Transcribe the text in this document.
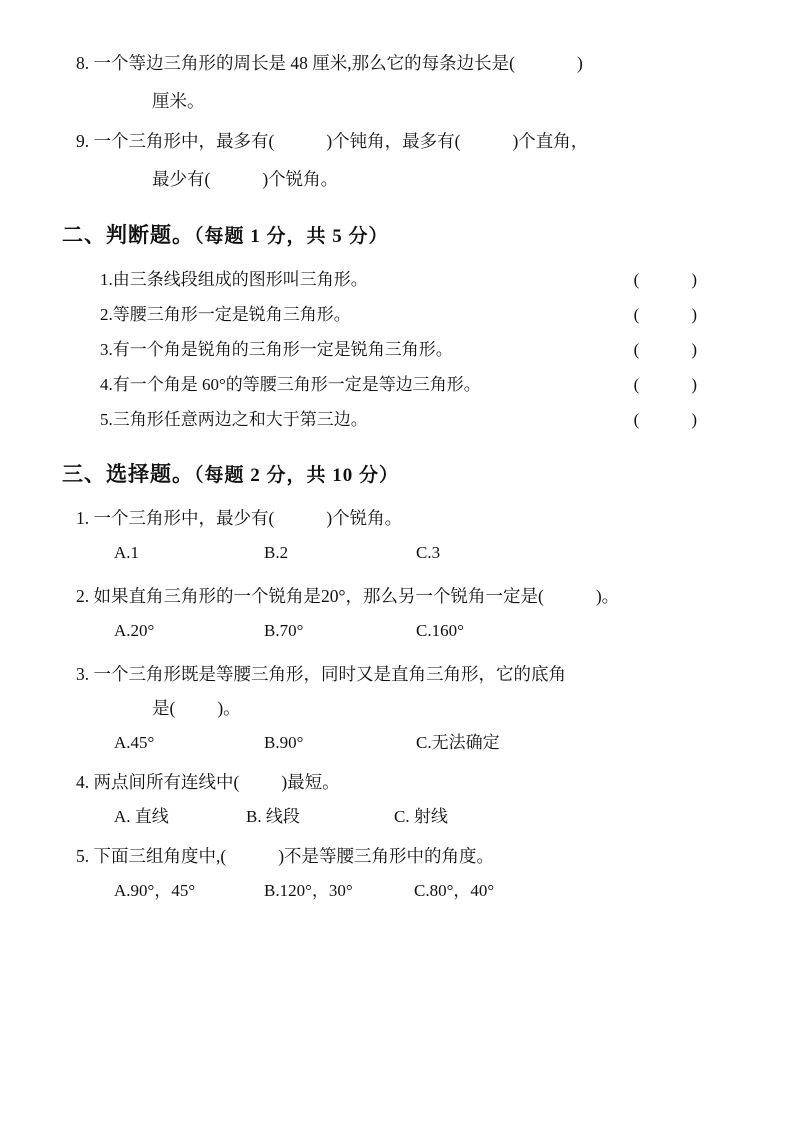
8. 一个等边三角形的周长是 48 厘米,那么它的每条边长是(	)
厘米。
9. 一个三角形中，最多有(	)个钝角，最多有(	)个直角，
最少有(	)个锐角。
二、判断题。（每题 1 分，共 5 分）
1. 由三条线段组成的图形叫三角形。	(	)
2. 等腰三角形一定是锐角三角形。	(	)
3. 有一个角是锐角的三角形一定是锐角三角形。	(	)
4. 有一个角是 60°的等腰三角形一定是等边三角形。	(	)
5. 三角形任意两边之和大于第三边。	(	)
三、选择题。（每题 2 分，共 10 分）
1. 一个三角形中，最少有(	)个锐角。
A.1	B.2	C.3
2. 如果直角三角形的一个锐角是20°，那么另一个锐角一定是(	)。
A.20°	B.70°	C.160°
3. 一个三角形既是等腰三角形，同时又是直角三角形，它的底角
是( )。
A.45°	B.90°	C.无法确定
4. 两点间所有连线中( )最短。
A. 直线	B. 线段	C. 射线
5. 下面三组角度中,(	)不是等腰三角形中的角度。
A.90°，45°	B.120°，30°	C.80°，40°
